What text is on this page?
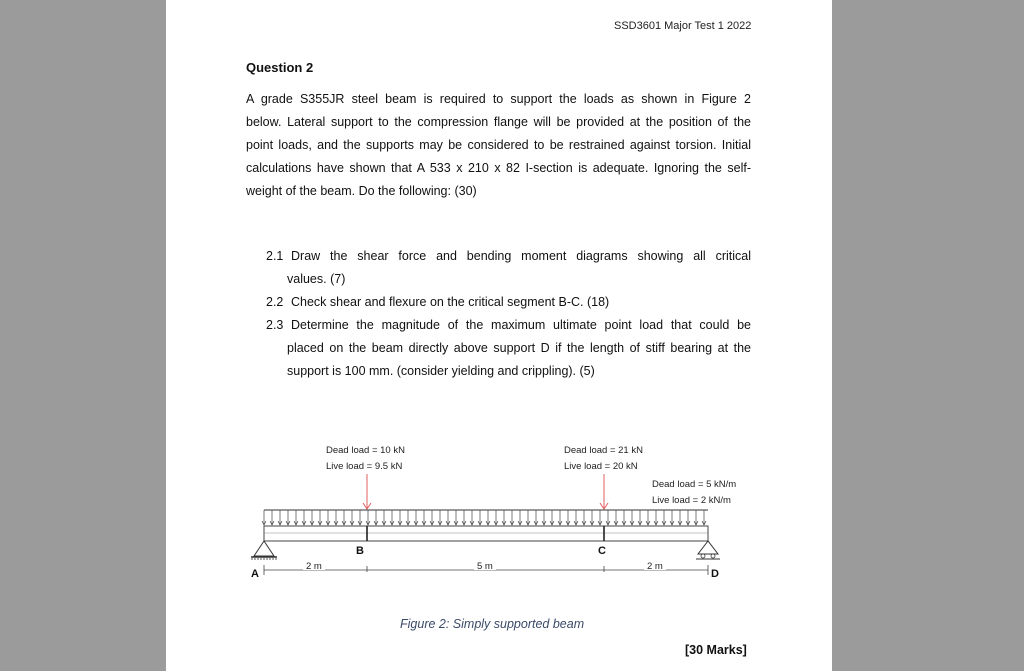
SSD3601 Major Test 1 2022
Question 2
A grade S355JR steel beam is required to support the loads as shown in Figure 2
below. Lateral support to the compression flange will be provided at the position of the
point loads, and the supports may be considered to be restrained against torsion. Initial
calculations have shown that A 533 x 210 x 82 I-section is adequate. Ignoring the self-
weight of the beam. Do the following: (30)
2.1 Draw the shear force and bending moment diagrams showing all critical
values. (7)
2.2 Check shear and flexure on the critical segment B-C. (18)
2.3 Determine the magnitude of the maximum ultimate point load that could be
placed on the beam directly above support D if the length of stiff bearing at the
support is 100 mm. (consider yielding and crippling). (5)
Dead load = 10 kN
Live load = 9.5 kN
Dead load = 21 kN
Live load = 20 kN
Dead load = 5 kN/m
Live load = 2 kN/m
B	C
A	D
2 m	5 m	2 m
Figure 2: Simply supported beam
[30 Marks]
